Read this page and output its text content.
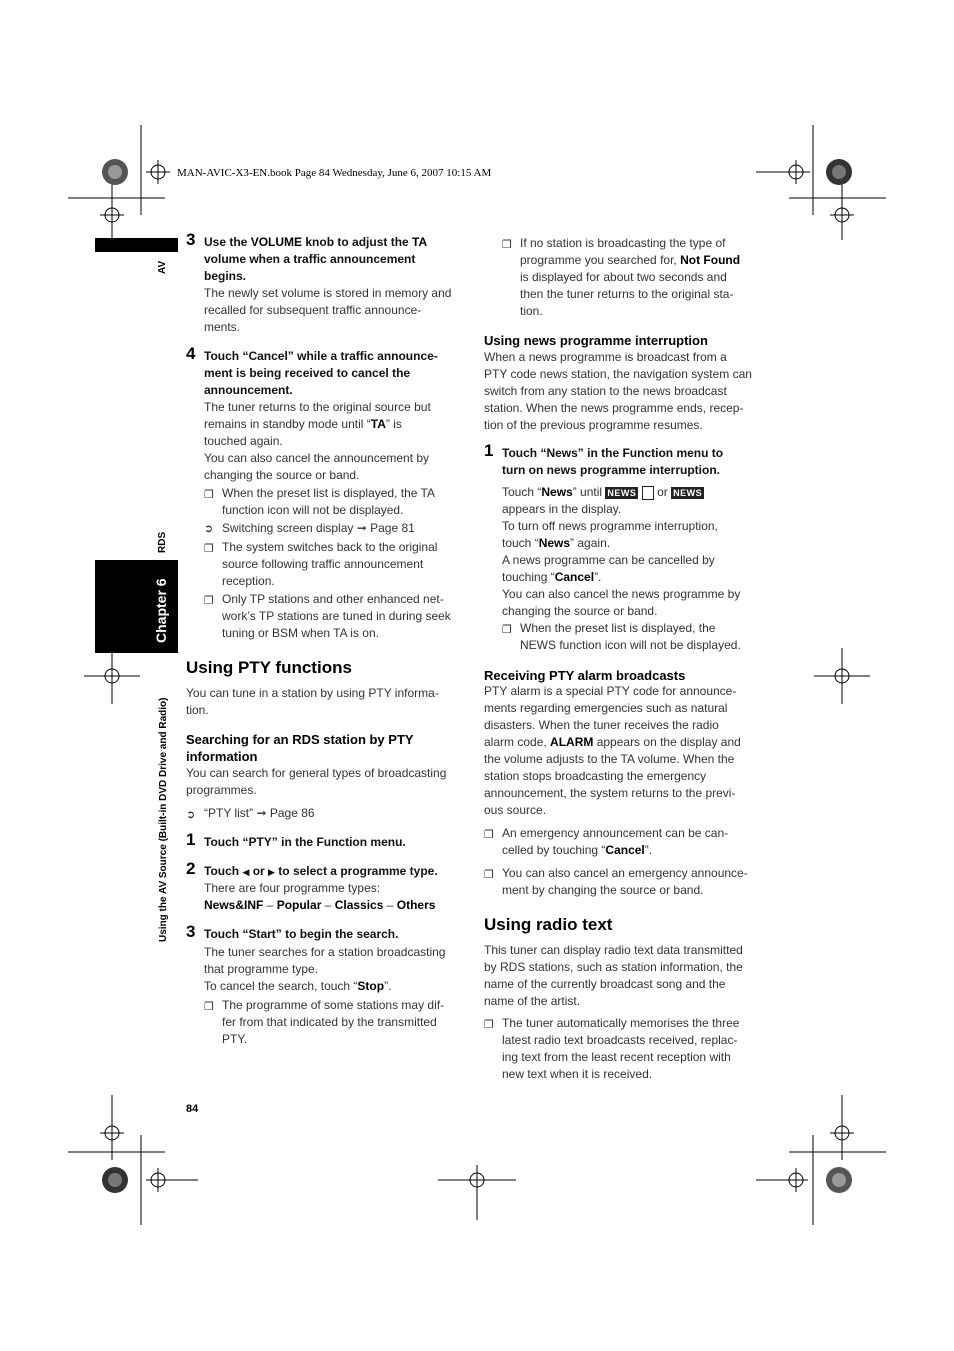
MAN-AVIC-X3-EN.book Page 84 Wednesday, June 6, 2007 10:15 AM
AV
RDS
Chapter 6
Using the AV Source (Built-in DVD Drive and Radio)
84
3 Use the VOLUME knob to adjust the TA
volume when a traffic announcement
begins.
The newly set volume is stored in memory and
recalled for subsequent traffic announce-
ments.
4 Touch “Cancel” while a traffic announce-
ment is being received to cancel the
announcement.
The tuner returns to the original source but
remains in standby mode until “TA” is
touched again.
You can also cancel the announcement by
changing the source or band.
❐ When the preset list is displayed, the TA
function icon will not be displayed.
➲ Switching screen display ➞ Page 81
❐ The system switches back to the original
source following traffic announcement
reception.
❐ Only TP stations and other enhanced net-
work’s TP stations are tuned in during seek
tuning or BSM when TA is on.
Using PTY functions
You can tune in a station by using PTY informa-
tion.
Searching for an RDS station by PTY
information
You can search for general types of broadcasting
programmes.
➲ “PTY list” ➞ Page 86
1 Touch “PTY” in the Function menu.
2 Touch ◀ or ▶ to select a programme type.
There are four programme types:
News&INF – Popular – Classics – Others
3 Touch “Start” to begin the search.
The tuner searches for a station broadcasting
that programme type.
To cancel the search, touch “Stop”.
❐ The programme of some stations may dif-
fer from that indicated by the transmitted
PTY.
❐ If no station is broadcasting the type of
programme you searched for, Not Found
is displayed for about two seconds and
then the tuner returns to the original sta-
tion.
Using news programme interruption
When a news programme is broadcast from a
PTY code news station, the navigation system can
switch from any station to the news broadcast
station. When the news programme ends, recep-
tion of the previous programme resumes.
1 Touch “News” in the Function menu to
turn on news programme interruption.
Touch “News” until NEWS  or NEWS
appears in the display.
To turn off news programme interruption,
touch “News” again.
A news programme can be cancelled by
touching “Cancel”.
You can also cancel the news programme by
changing the source or band.
❐ When the preset list is displayed, the
NEWS function icon will not be displayed.
Receiving PTY alarm broadcasts
PTY alarm is a special PTY code for announce-
ments regarding emergencies such as natural
disasters. When the tuner receives the radio
alarm code, ALARM appears on the display and
the volume adjusts to the TA volume. When the
station stops broadcasting the emergency
announcement, the system returns to the previ-
ous source.
❐ An emergency announcement can be can-
celled by touching “Cancel”.
❐ You can also cancel an emergency announce-
ment by changing the source or band.
Using radio text
This tuner can display radio text data transmitted
by RDS stations, such as station information, the
name of the currently broadcast song and the
name of the artist.
❐ The tuner automatically memorises the three
latest radio text broadcasts received, replac-
ing text from the least recent reception with
new text when it is received.
